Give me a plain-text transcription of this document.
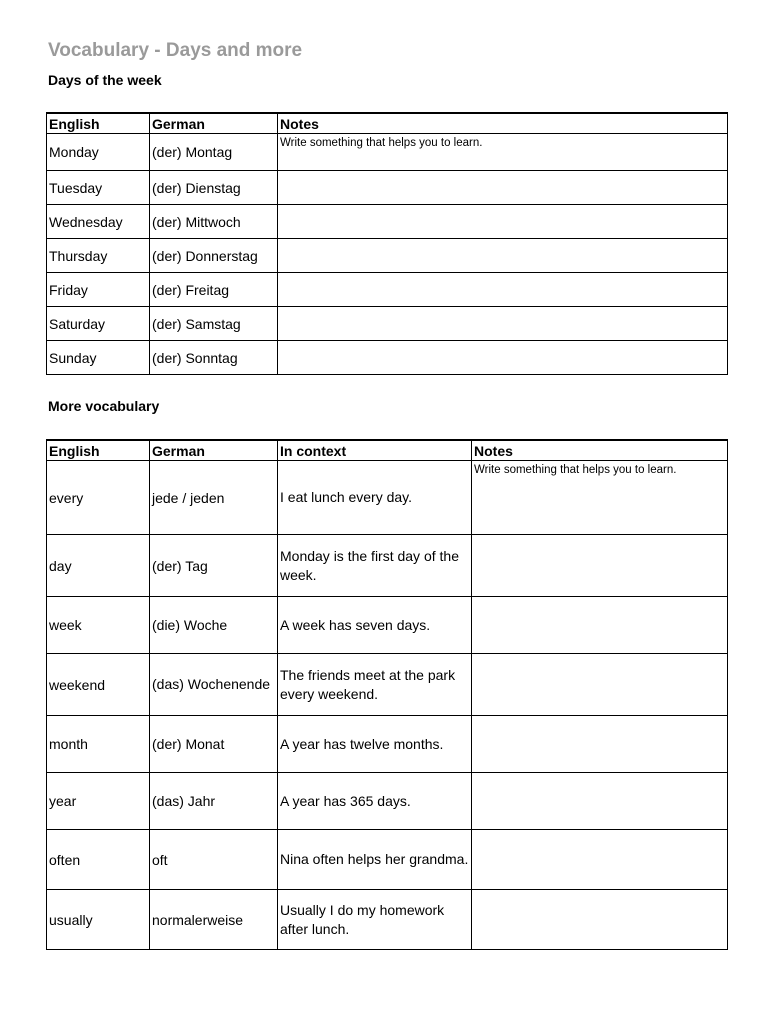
Vocabulary - Days and more
Days of the week
English	German	Notes
Monday	(der) Montag	Write something that helps you to learn.
Tuesday	(der) Dienstag	
Wednesday	(der) Mittwoch	
Thursday	(der) Donnerstag	
Friday	(der) Freitag	
Saturday	(der) Samstag	
Sunday	(der) Sonntag	
More vocabulary
English	German	In context	Notes
every	jede / jeden	I eat lunch every day.	Write something that helps you to learn.
day	(der) Tag	Monday is the first day of the week.	
week	(die) Woche	A week has seven days.	
weekend	(das) Wochenende	The friends meet at the park every weekend.	
month	(der) Monat	A year has twelve months.	
year	(das) Jahr	A year has 365 days.	
often	oft	Nina often helps her grandma.	
usually	normalerweise	Usually I do my homework after lunch.	
